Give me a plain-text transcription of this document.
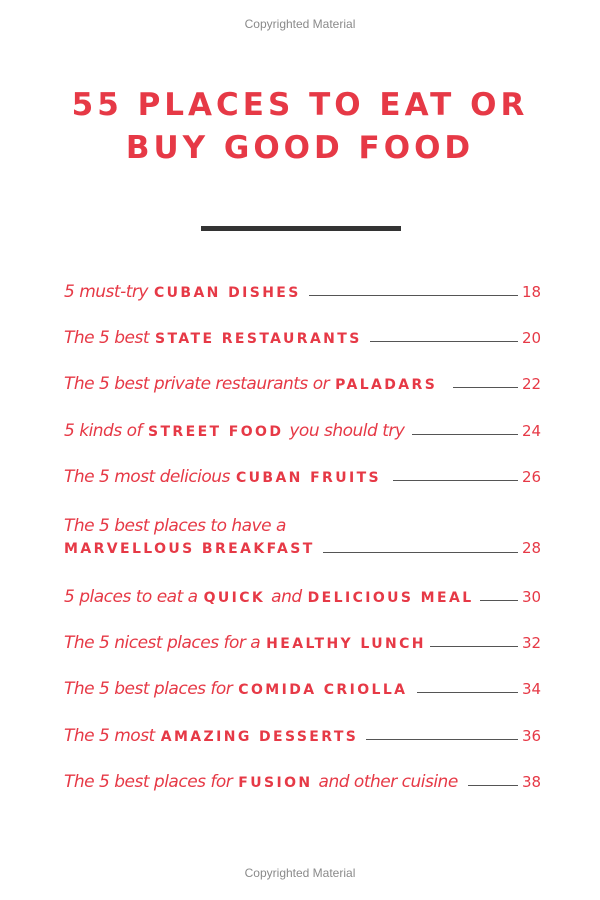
Copyrighted Material
55 PLACES TO EAT OR
BUY GOOD FOOD
5 must-try CUBAN DISHES	18
The 5 best STATE RESTAURANTS	20
The 5 best private restaurants or PALADARS	22
5 kinds of STREET FOOD you should try	24
The 5 most delicious CUBAN FRUITS	26
The 5 best places to have a
MARVELLOUS BREAKFAST	28
5 places to eat a QUICK and DELICIOUS MEAL	30
The 5 nicest places for a HEALTHY LUNCH	32
The 5 best places for COMIDA CRIOLLA	34
The 5 most AMAZING DESSERTS	36
The 5 best places for FUSION and other cuisine	38
Copyrighted Material
